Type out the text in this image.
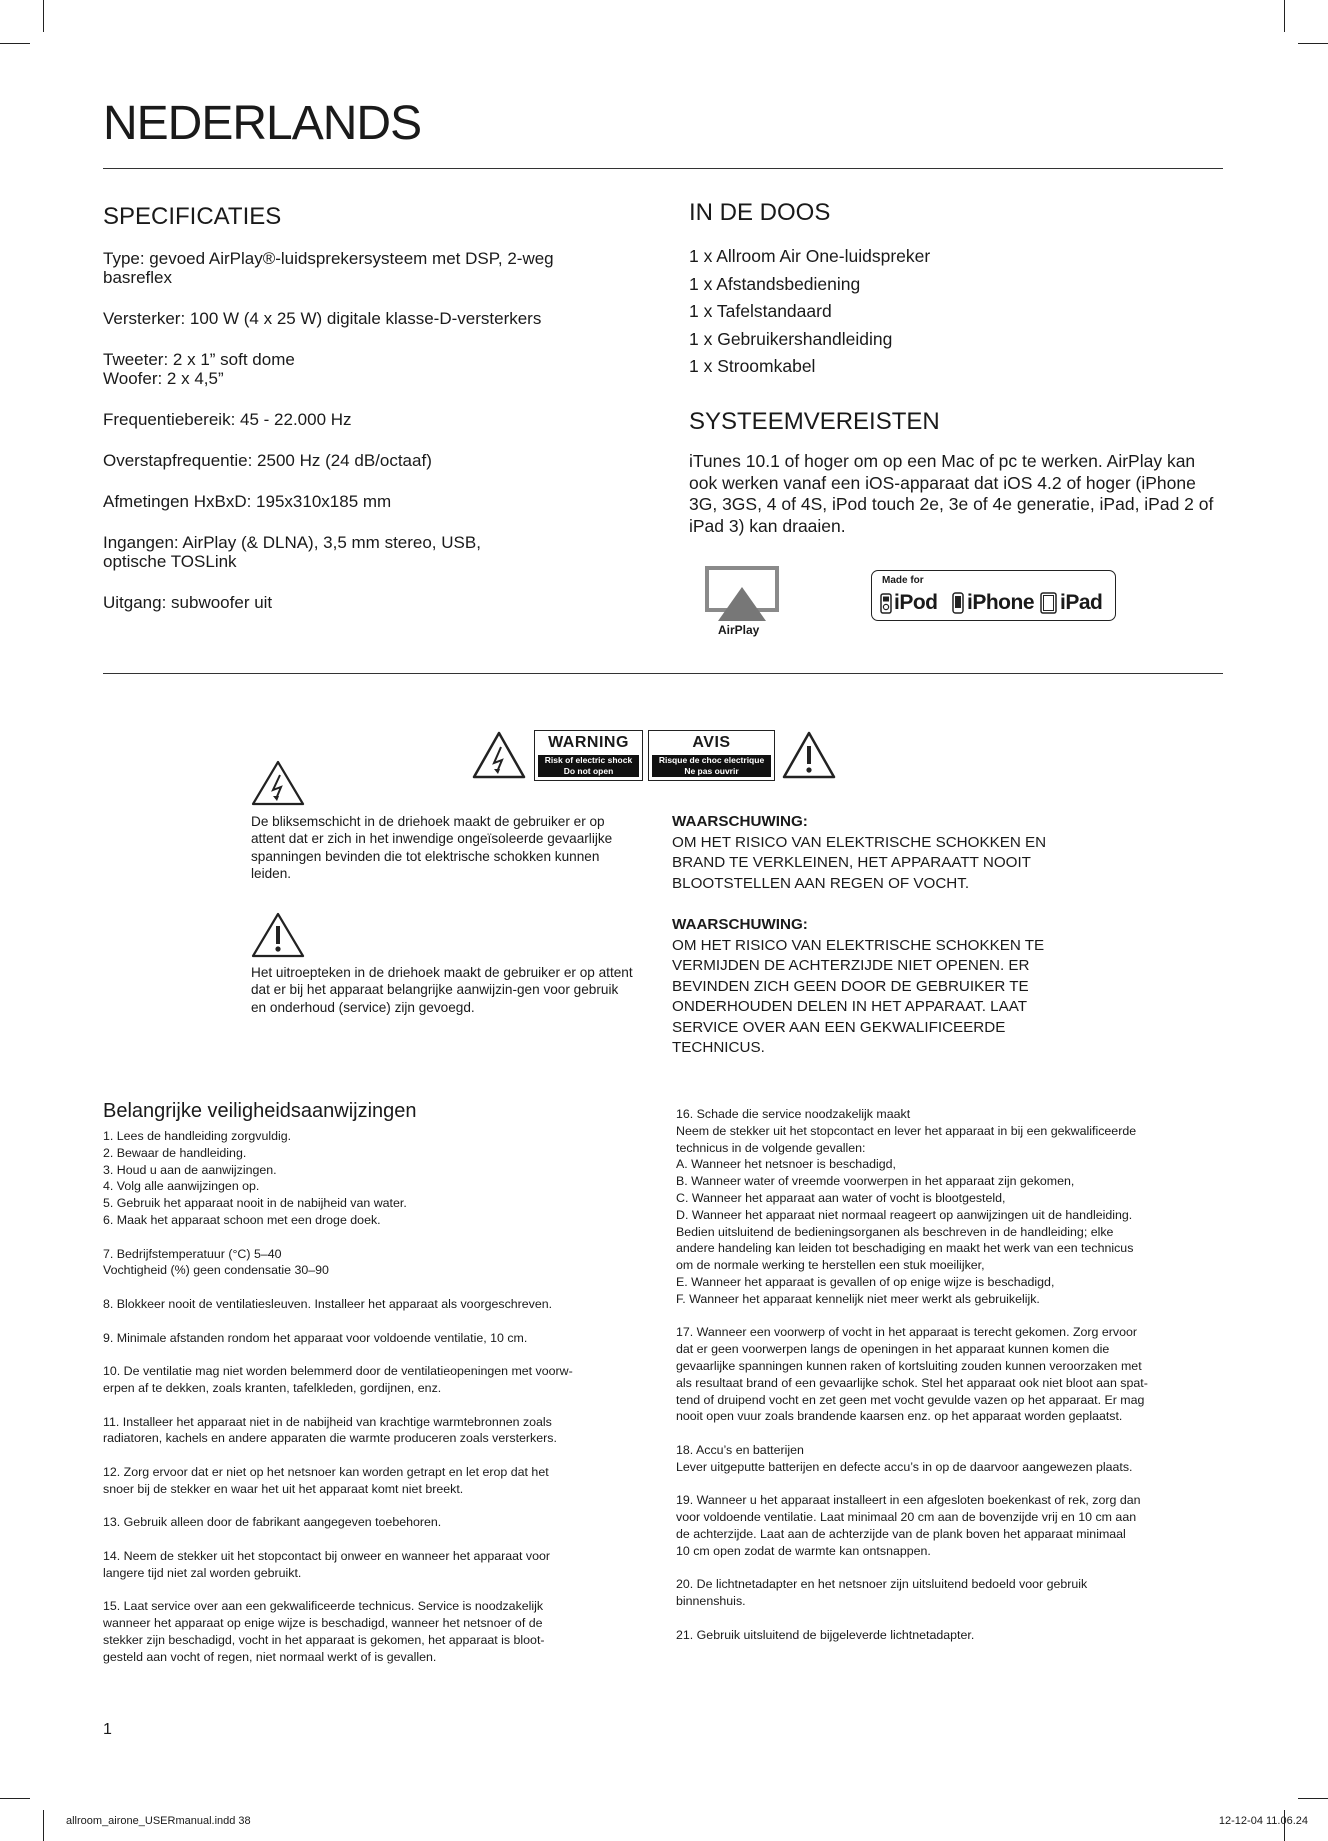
NEDERLANDS
SPECIFICATIES

Type: gevoed AirPlay®-luidsprekersysteem met DSP, 2-weg basreflex

Versterker: 100 W (4 x 25 W) digitale klasse-D-versterkers

Tweeter: 2 x 1” soft dome
Woofer: 2 x 4,5”

Frequentiebereik: 45 - 22.000 Hz

Overstapfrequentie: 2500 Hz (24 dB/octaaf)

Afmetingen HxBxD: 195x310x185 mm

Ingangen: AirPlay (& DLNA), 3,5 mm stereo, USB, optische TOSLink

Uitgang: subwoofer uit

IN DE DOOS
1 x Allroom Air One-luidspreker
1 x Afstandsbediening
1 x Tafelstandaard
1 x Gebruikershandleiding
1 x Stroomkabel
SYSTEEMVEREISTEN
iTunes 10.1 of hoger om op een Mac of pc te werken. AirPlay kan ook werken vanaf een iOS-apparaat dat iOS 4.2 of hoger (iPhone 3G, 3GS, 4 of 4S, iPod touch 2e, 3e of 4e generatie, iPad, iPad 2 of iPad 3) kan draaien.
AirPlay
Made for
iPod iPhone iPad
WARNING
Risk of electric shock
Do not open
AVIS
Risque de choc electrique
Ne pas ouvrir
De bliksemschicht in de driehoek maakt de gebruiker er op attent dat er zich in het inwendige ongeïsoleerde gevaarlijke spanningen bevinden die tot elektrische schokken kunnen leiden.
Het uitroepteken in de driehoek maakt de gebruiker er op attent dat er bij het apparaat belangrijke aanwijzin-gen voor gebruik en onderhoud (service) zijn gevoegd.
WAARSCHUWING:
OM HET RISICO VAN ELEKTRISCHE SCHOKKEN EN BRAND TE VERKLEINEN, HET APPARAATT NOOIT BLOOTSTELLEN AAN REGEN OF VOCHT.
WAARSCHUWING:
OM HET RISICO VAN ELEKTRISCHE SCHOKKEN TE VERMIJDEN DE ACHTERZIJDE NIET OPENEN. ER BEVINDEN ZICH GEEN DOOR DE GEBRUIKER TE ONDERHOUDEN DELEN IN HET APPARAAT. LAAT SERVICE OVER AAN EEN GEKWALIFICEERDE TECHNICUS.
Belangrijke veiligheidsaanwijzingen
1. Lees de handleiding zorgvuldig.
2. Bewaar de handleiding.
3. Houd u aan de aanwijzingen.
4. Volg alle aanwijzingen op.
5. Gebruik het apparaat nooit in de nabijheid van water.
6. Maak het apparaat schoon met een droge doek.
7. Bedrijfstemperatuur (°C) 5–40
Vochtigheid (%) geen condensatie 30–90
8. Blokkeer nooit de ventilatiesleuven. Installeer het apparaat als voorgeschreven.
9. Minimale afstanden rondom het apparaat voor voldoende ventilatie, 10 cm.
10. De ventilatie mag niet worden belemmerd door de ventilatieopeningen met voorw-
erpen af te dekken, zoals kranten, tafelkleden, gordijnen, enz.
11. Installeer het apparaat niet in de nabijheid van krachtige warmtebronnen zoals
radiatoren, kachels en andere apparaten die warmte produceren zoals versterkers.
12. Zorg ervoor dat er niet op het netsnoer kan worden getrapt en let erop dat het
snoer bij de stekker en waar het uit het apparaat komt niet breekt.
13. Gebruik alleen door de fabrikant aangegeven toebehoren.
14. Neem de stekker uit het stopcontact bij onweer en wanneer het apparaat voor
langere tijd niet zal worden gebruikt.
15. Laat service over aan een gekwalificeerde technicus. Service is noodzakelijk
wanneer het apparaat op enige wijze is beschadigd, wanneer het netsnoer of de
stekker zijn beschadigd, vocht in het apparaat is gekomen, het apparaat is bloot-
gesteld aan vocht of regen, niet normaal werkt of is gevallen.
16. Schade die service noodzakelijk maakt
Neem de stekker uit het stopcontact en lever het apparaat in bij een gekwalificeerde
technicus in de volgende gevallen:
A. Wanneer het netsnoer is beschadigd,
B. Wanneer water of vreemde voorwerpen in het apparaat zijn gekomen,
C. Wanneer het apparaat aan water of vocht is blootgesteld,
D. Wanneer het apparaat niet normaal reageert op aanwijzingen uit de handleiding.
Bedien uitsluitend de bedieningsorganen als beschreven in de handleiding; elke
andere handeling kan leiden tot beschadiging en maakt het werk van een technicus
om de normale werking te herstellen een stuk moeilijker,
E. Wanneer het apparaat is gevallen of op enige wijze is beschadigd,
F. Wanneer het apparaat kennelijk niet meer werkt als gebruikelijk.
17. Wanneer een voorwerp of vocht in het apparaat is terecht gekomen. Zorg ervoor
dat er geen voorwerpen langs de openingen in het apparaat kunnen komen die
gevaarlijke spanningen kunnen raken of kortsluiting zouden kunnen veroorzaken met
als resultaat brand of een gevaarlijke schok. Stel het apparaat ook niet bloot aan spat-
tend of druipend vocht en zet geen met vocht gevulde vazen op het apparaat. Er mag
nooit open vuur zoals brandende kaarsen enz. op het apparaat worden geplaatst.
18. Accu’s en batterijen
Lever uitgeputte batterijen en defecte accu’s in op de daarvoor aangewezen plaats.
19. Wanneer u het apparaat installeert in een afgesloten boekenkast of rek, zorg dan
voor voldoende ventilatie. Laat minimaal 20 cm aan de bovenzijde vrij en 10 cm aan
de achterzijde. Laat aan de achterzijde van de plank boven het apparaat minimaal
10 cm open zodat de warmte kan ontsnappen.
20. De lichtnetadapter en het netsnoer zijn uitsluitend bedoeld voor gebruik
binnenshuis.
21. Gebruik uitsluitend de bijgeleverde lichtnetadapter.
1
allroom_airone_USERmanual.indd 38	12-12-04 11.06.24
